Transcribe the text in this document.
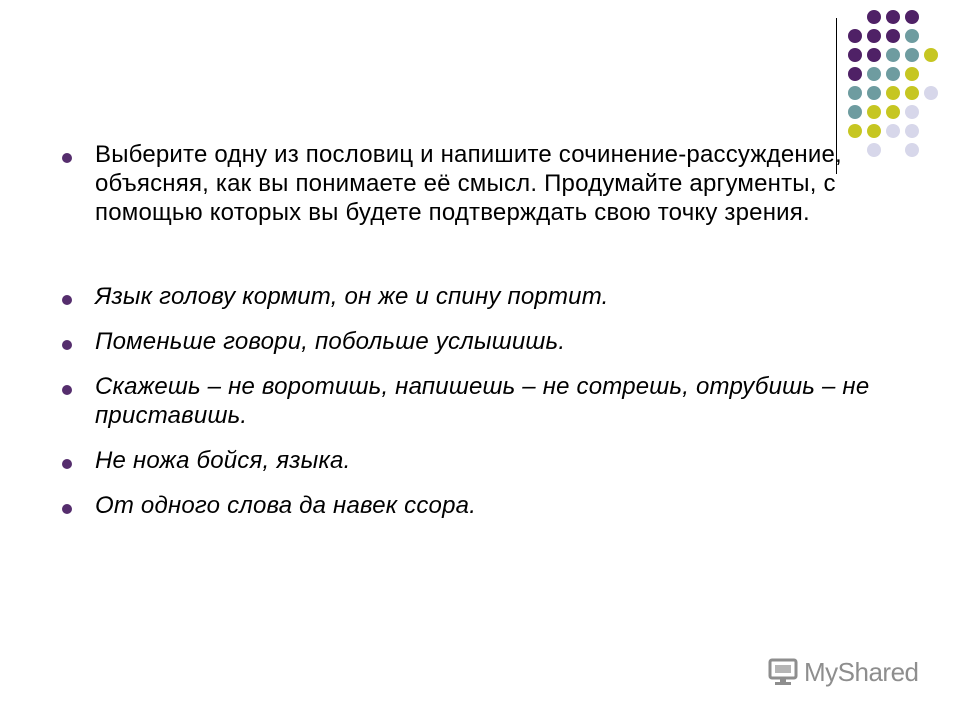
Выберите одну из пословиц и напишите сочинение-рассуждение, объясняя, как вы понимаете её смысл. Продумайте аргументы, с помощью которых вы будете подтверждать свою точку зрения.
Язык голову кормит, он же и спину портит.
Поменьше говори, побольше услышишь.
Скажешь – не воротишь, напишешь – не сотрешь, отрубишь – не приставишь.
Не ножа бойся, языка.
От одного слова да навек ссора.
MyShared
